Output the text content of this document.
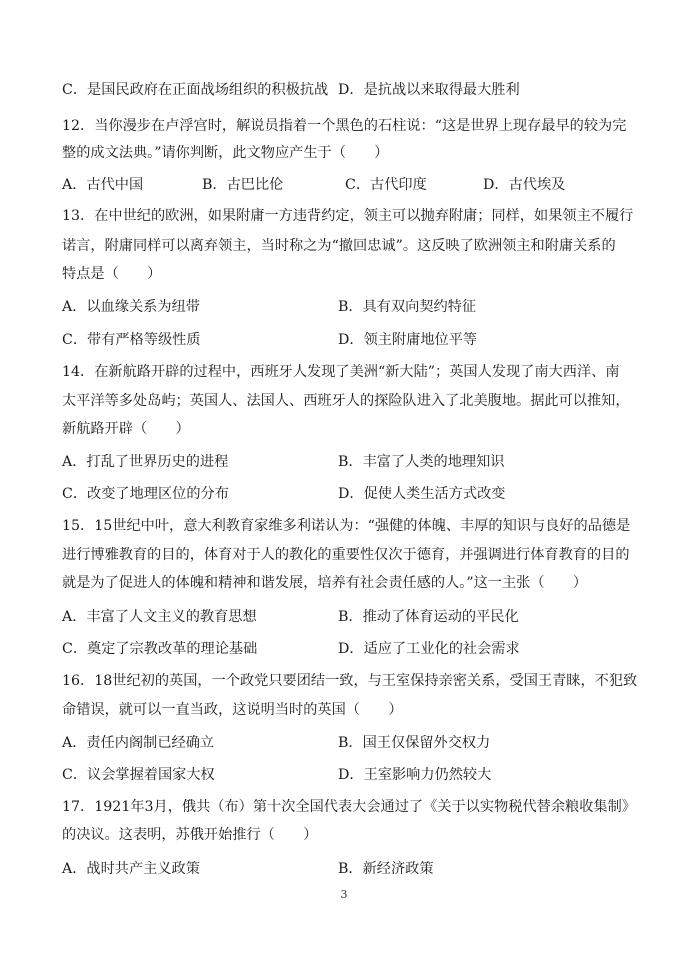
C．是国民政府在正面战场组织的积极抗战 D．是抗战以来取得最大胜利
12．当你漫步在卢浮宫时，解说员指着一个黑色的石柱说：“这是世界上现存最早的较为完
整的成文法典。”请你判断，此文物应产生于（　　）
A．古代中国	B．古巴比伦	C．古代印度	D．古代埃及
13．在中世纪的欧洲，如果附庸一方违背约定，领主可以抛弃附庸；同样，如果领主不履行
诺言，附庸同样可以离弃领主，当时称之为“撤回忠诚”。这反映了欧洲领主和附庸关系的
特点是（　　）
A．以血缘关系为纽带	B．具有双向契约特征
C．带有严格等级性质	D．领主附庸地位平等
14．在新航路开辟的过程中，西班牙人发现了美洲“新大陆”；英国人发现了南大西洋、南
太平洋等多处岛屿；英国人、法国人、西班牙人的探险队进入了北美腹地。据此可以推知，
新航路开辟（　　）
A．打乱了世界历史的进程	B．丰富了人类的地理知识
C．改变了地理区位的分布	D．促使人类生活方式改变
15．15世纪中叶，意大利教育家维多利诺认为：“强健的体魄、丰厚的知识与良好的品德是
进行博雅教育的目的，体育对于人的教化的重要性仅次于德育，并强调进行体育教育的目的
就是为了促进人的体魄和精神和谐发展，培养有社会责任感的人。”这一主张（　　）
A．丰富了人文主义的教育思想	B．推动了体育运动的平民化
C．奠定了宗教改革的理论基础	D．适应了工业化的社会需求
16．18世纪初的英国，一个政党只要团结一致，与王室保持亲密关系，受国王青睐，不犯致
命错误，就可以一直当政，这说明当时的英国（　　）
A．责任内阁制已经确立	B．国王仅保留外交权力
C．议会掌握着国家大权	D．王室影响力仍然较大
17．1921年3月，俄共（布）第十次全国代表大会通过了《关于以实物税代替余粮收集制》
的决议。这表明，苏俄开始推行（　　）
A．战时共产主义政策	B．新经济政策
3
